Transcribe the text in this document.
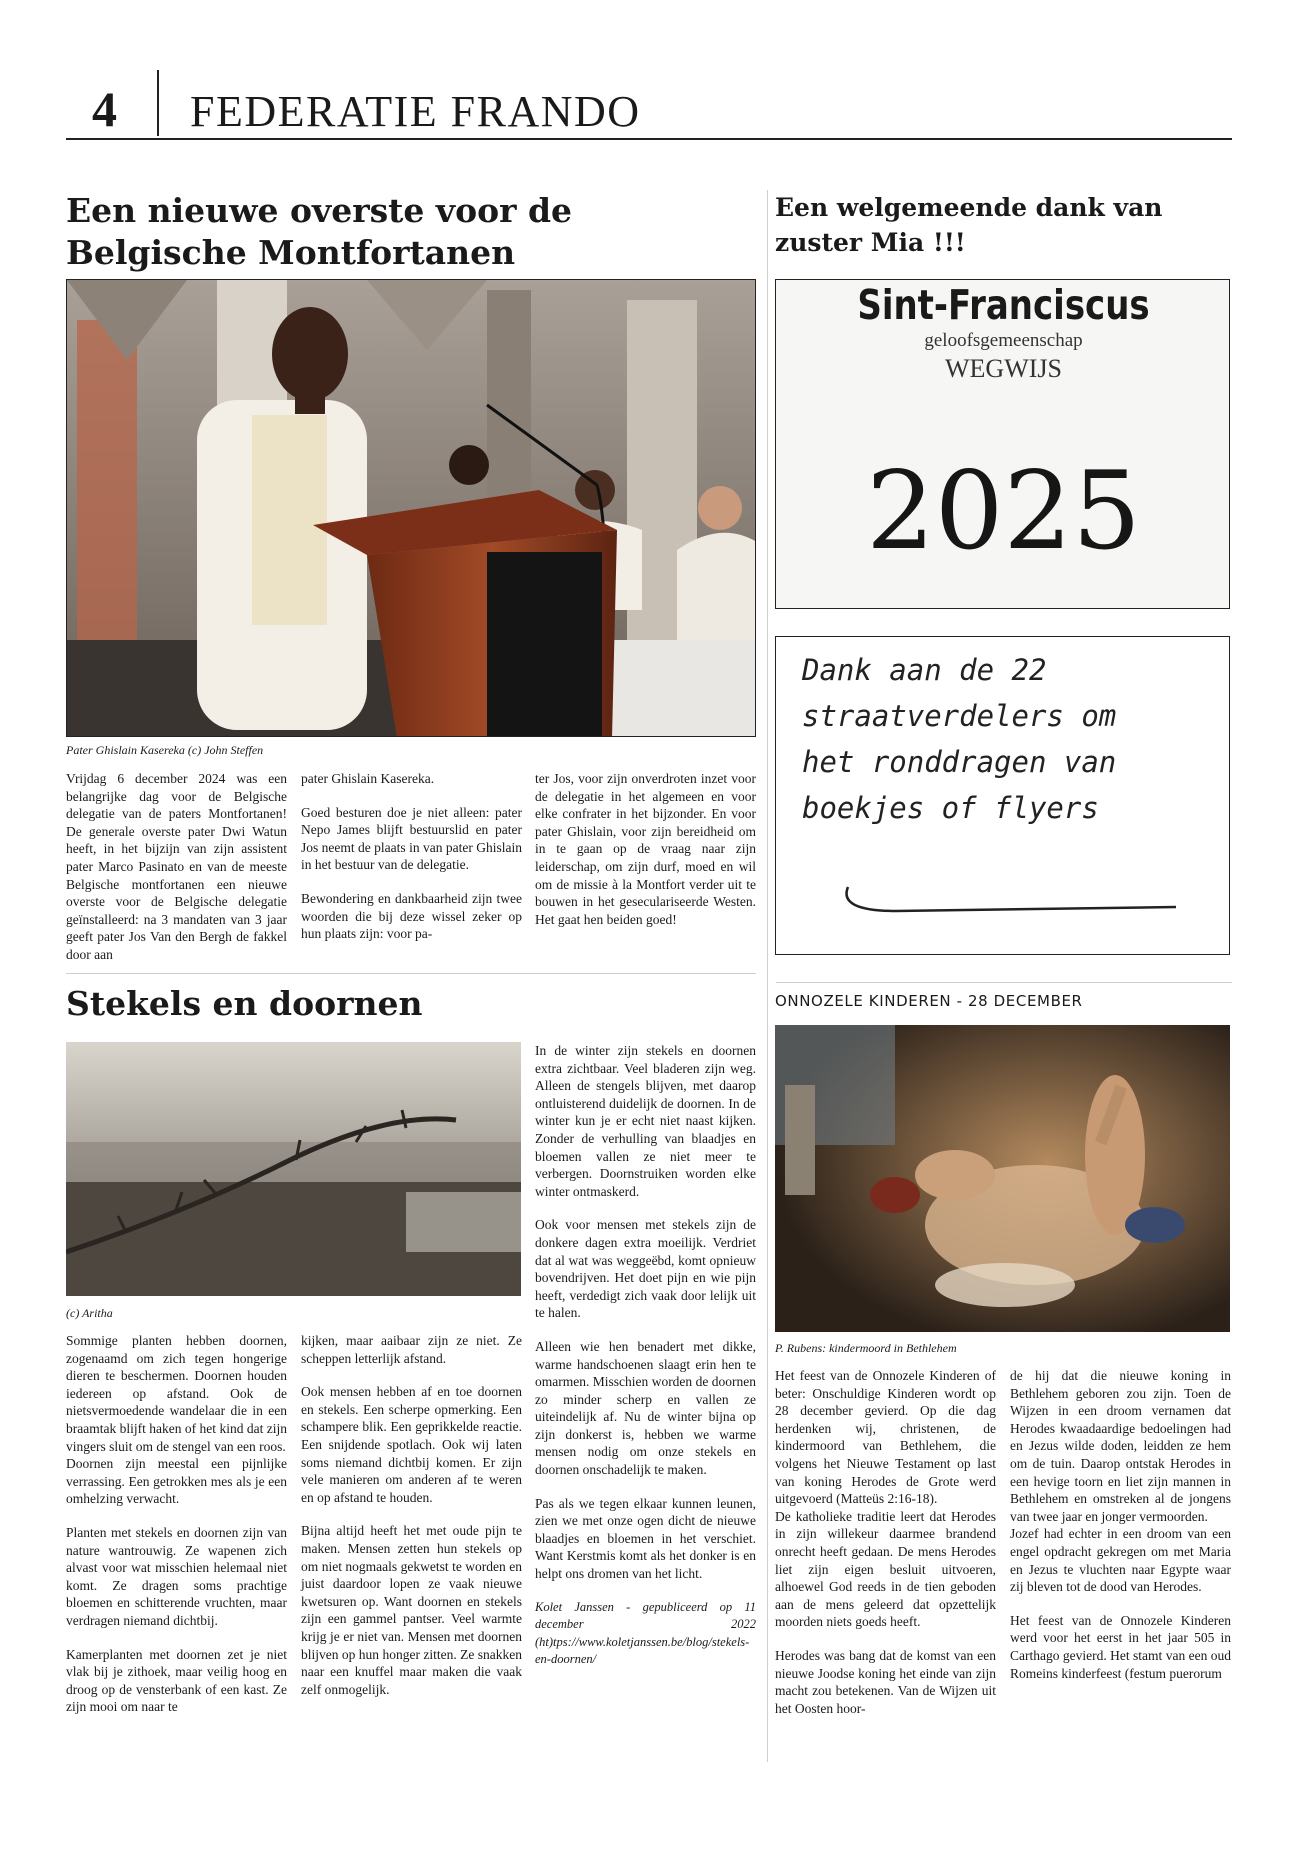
4 FEDERATIE FRANDO
Een nieuwe overste voor de Belgische Montfortanen
Pater Ghislain Kasereka (c) John Steffen

Vrijdag 6 december 2024 was een belangrijke dag voor de Belgische delegatie van de paters Montfortanen! De generale overste pater Dwi Watun heeft, in het bijzijn van zijn assistent pater Marco Pasinato en van de meeste Belgische montfortanen een nieuwe overste voor de Belgische delegatie geïnstalleerd: na 3 mandaten van 3 jaar geeft pater Jos Van den Bergh de fakkel door aan

pater Ghislain Kasereka.

Goed besturen doe je niet alleen: pater Nepo James blijft bestuurslid en pater Jos neemt de plaats in van pater Ghislain in het bestuur van de delegatie.

Bewondering en dankbaarheid zijn twee woorden die bij deze wissel zeker op hun plaats zijn: voor pa-

ter Jos, voor zijn onverdroten inzet voor de delegatie in het algemeen en voor elke confrater in het bijzonder. En voor pater Ghislain, voor zijn bereidheid om in te gaan op de vraag naar zijn leiderschap, om zijn durf, moed en wil om de missie à la Montfort verder uit te bouwen in het geseculariseerde Westen. Het gaat hen beiden goed!

Een welgemeende dank van zuster Mia !!!
Sint-Franciscus
geloofsgemeenschap
WEGWIJS
2025
Dank aan de 22
straatverdelers om
het ronddragen van
boekjes of flyers
Stekels en doornen
(c) Aritha

Sommige planten hebben doornen, zogenaamd om zich tegen hongerige dieren te beschermen. Doornen houden iedereen op afstand. Ook de nietsvermoedende wandelaar die in een braamtak blijft haken of het kind dat zijn vingers sluit om de stengel van een roos.

Doornen zijn meestal een pijnlijke verrassing. Een getrokken mes als je een omhelzing verwacht.

Planten met stekels en doornen zijn van nature wantrouwig. Ze wapenen zich alvast voor wat misschien helemaal niet komt. Ze dragen soms prachtige bloemen en schitterende vruchten, maar verdragen niemand dichtbij.

Kamerplanten met doornen zet je niet vlak bij je zithoek, maar veilig hoog en droog op de vensterbank of een kast. Ze zijn mooi om naar te

kijken, maar aaibaar zijn ze niet. Ze scheppen letterlijk afstand.

Ook mensen hebben af en toe doornen en stekels. Een scherpe opmerking. Een schampere blik. Een geprikkelde reactie. Een snijdende spotlach. Ook wij laten soms niemand dichtbij komen. Er zijn vele manieren om anderen af te weren en op afstand te houden.

Bijna altijd heeft het met oude pijn te maken. Mensen zetten hun stekels op om niet nogmaals gekwetst te worden en juist daardoor lopen ze vaak nieuwe kwetsuren op. Want doornen en stekels zijn een gammel pantser. Veel warmte krijg je er niet van. Mensen met doornen blijven op hun honger zitten. Ze snakken naar een knuffel maar maken die vaak zelf onmogelijk.

In de winter zijn stekels en doornen extra zichtbaar. Veel bladeren zijn weg. Alleen de stengels blijven, met daarop ontluisterend duidelijk de doornen. In de winter kun je er echt niet naast kijken. Zonder de verhulling van blaadjes en bloemen vallen ze niet meer te verbergen. Doornstruiken worden elke winter ontmaskerd.

Ook voor mensen met stekels zijn de donkere dagen extra moeilijk. Verdriet dat al wat was weggeëbd, komt opnieuw bovendrijven. Het doet pijn en wie pijn heeft, verdedigt zich vaak door lelijk uit te halen.

Alleen wie hen benadert met dikke, warme handschoenen slaagt erin hen te omarmen. Misschien worden de doornen zo minder scherp en vallen ze uiteindelijk af. Nu de winter bijna op zijn donkerst is, hebben we warme mensen nodig om onze stekels en doornen onschadelijk te maken.

Pas als we tegen elkaar kunnen leunen, zien we met onze ogen dicht de nieuwe blaadjes en bloemen in het verschiet. Want Kerstmis komt als het donker is en helpt ons dromen van het licht.

Kolet Janssen - gepubliceerd op 11 december 2022 (ht)tps://www.koletjanssen.be/blog/stekels-en-doornen/

ONNOZELE KINDEREN - 28 DECEMBER
P. Rubens: kindermoord in Bethlehem

Het feest van de Onnozele Kinderen of beter: Onschuldige Kinderen wordt op 28 december gevierd. Op die dag herdenken wij, christenen, de kindermoord van Bethlehem, die volgens het Nieuwe Testament op last van koning Herodes de Grote werd uitgevoerd (Matteüs 2:16-18).

De katholieke traditie leert dat Herodes in zijn willekeur daarmee brandend onrecht heeft gedaan. De mens Herodes liet zijn eigen besluit uitvoeren, alhoewel God reeds in de tien geboden aan de mens geleerd dat opzettelijk moorden niets goeds heeft.

Herodes was bang dat de komst van een nieuwe Joodse koning het einde van zijn macht zou betekenen. Van de Wijzen uit het Oosten hoor-

de hij dat die nieuwe koning in Bethlehem geboren zou zijn. Toen de Wijzen in een droom vernamen dat Herodes kwaadaardige bedoelingen had en Jezus wilde doden, leidden ze hem om de tuin. Daarop ontstak Herodes in een hevige toorn en liet zijn mannen in Bethlehem en omstreken al de jongens van twee jaar en jonger vermoorden.

Jozef had echter in een droom van een engel opdracht gekregen om met Maria en Jezus te vluchten naar Egypte waar zij bleven tot de dood van Herodes.

Het feest van de Onnozele Kinderen werd voor het eerst in het jaar 505 in Carthago gevierd. Het stamt van een oud Romeins kinderfeest (festum puerorum
